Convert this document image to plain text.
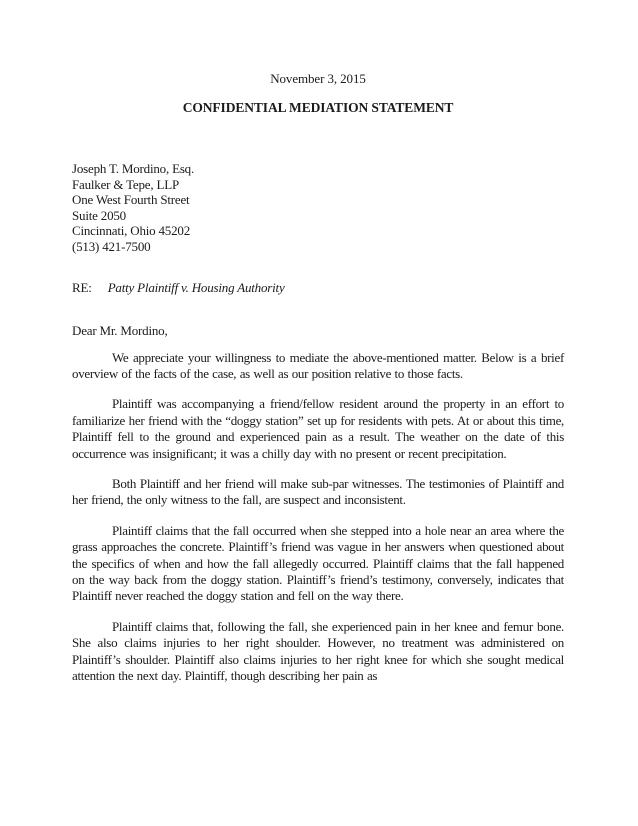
November 3, 2015
CONFIDENTIAL MEDIATION STATEMENT
Joseph T. Mordino, Esq.
Faulker & Tepe, LLP
One West Fourth Street
Suite 2050
Cincinnati, Ohio 45202
(513) 421-7500
RE: Patty Plaintiff v. Housing Authority
Dear Mr. Mordino,

We appreciate your willingness to mediate the above-mentioned matter. Below is a brief overview of the facts of the case, as well as our position relative to those facts.

Plaintiff was accompanying a friend/fellow resident around the property in an effort to familiarize her friend with the “doggy station” set up for residents with pets. At or about this time, Plaintiff fell to the ground and experienced pain as a result. The weather on the date of this occurrence was insignificant; it was a chilly day with no present or recent precipitation.

Both Plaintiff and her friend will make sub-par witnesses. The testimonies of Plaintiff and her friend, the only witness to the fall, are suspect and inconsistent.

Plaintiff claims that the fall occurred when she stepped into a hole near an area where the grass approaches the concrete. Plaintiff’s friend was vague in her answers when questioned about the specifics of when and how the fall allegedly occurred. Plaintiff claims that the fall happened on the way back from the doggy station. Plaintiff’s friend’s testimony, conversely, indicates that Plaintiff never reached the doggy station and fell on the way there.

Plaintiff claims that, following the fall, she experienced pain in her knee and femur bone. She also claims injuries to her right shoulder. However, no treatment was administered on Plaintiff’s shoulder. Plaintiff also claims injuries to her right knee for which she sought medical attention the next day. Plaintiff, though describing her pain as
